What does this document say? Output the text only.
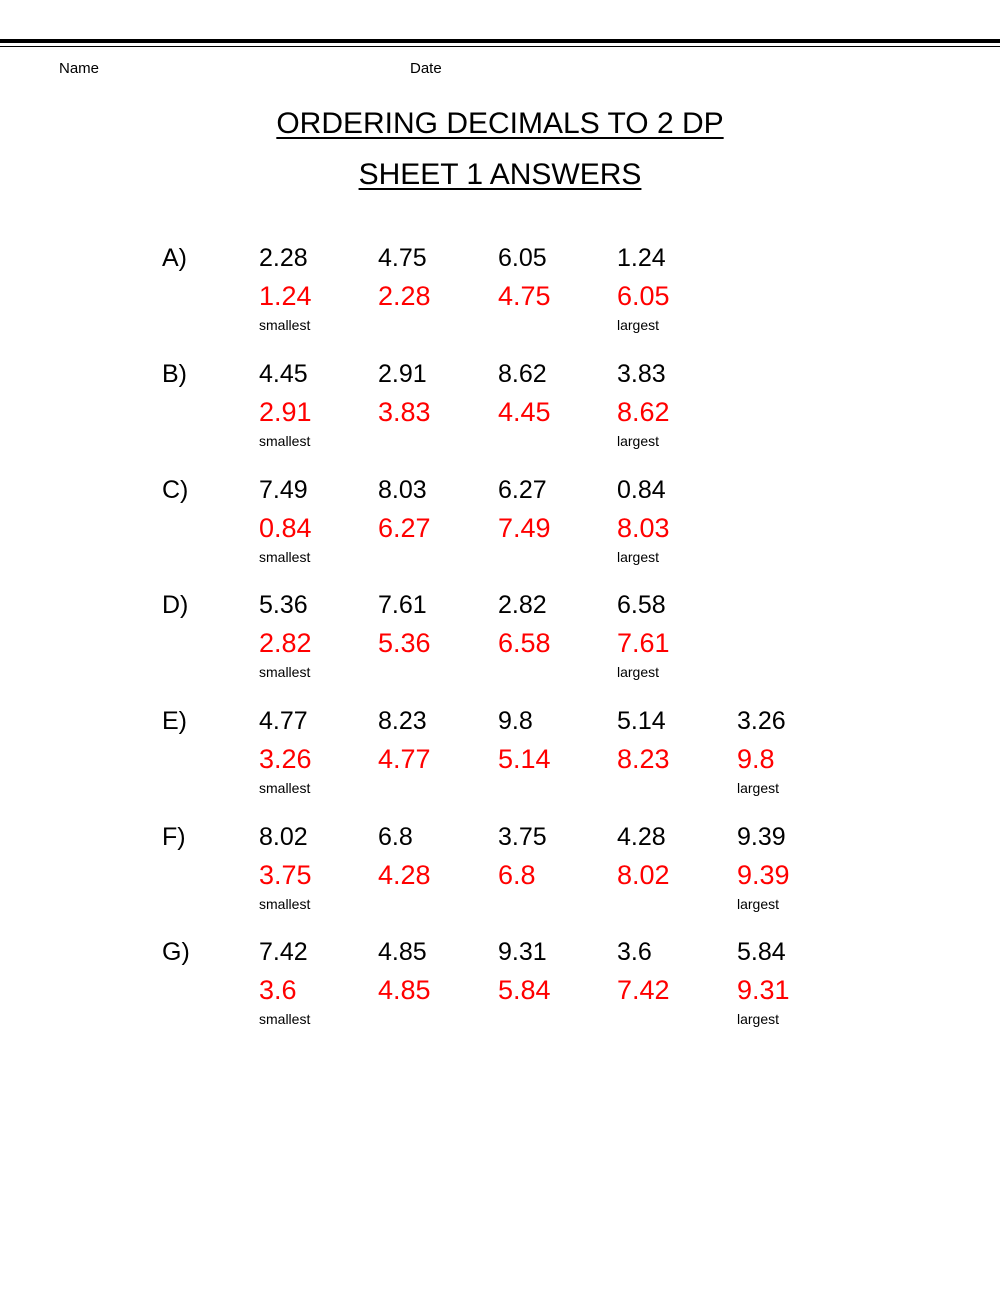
Name	Date
ORDERING DECIMALS TO 2 DP
SHEET 1 ANSWERS
A)	2.28	4.75	6.05	1.24
1.24 2.28 4.75 6.05
smallest	largest
B)	4.45	2.91	8.62	3.83
2.91 3.83 4.45 8.62
smallest	largest
C)	7.49	8.03	6.27	0.84
0.84 6.27 7.49 8.03
smallest	largest
D)	5.36	7.61	2.82	6.58
2.82 5.36 6.58 7.61
smallest	largest
E)	4.77	8.23	9.8	5.14	3.26
3.26 4.77 5.14 8.23 9.8
smallest	largest
F)	8.02	6.8	3.75	4.28	9.39
3.75 4.28 6.8	8.02 9.39
smallest	largest
G)	7.42	4.85	9.31	3.6	5.84
3.6	4.85 5.84 7.42 9.31
smallest	largest
